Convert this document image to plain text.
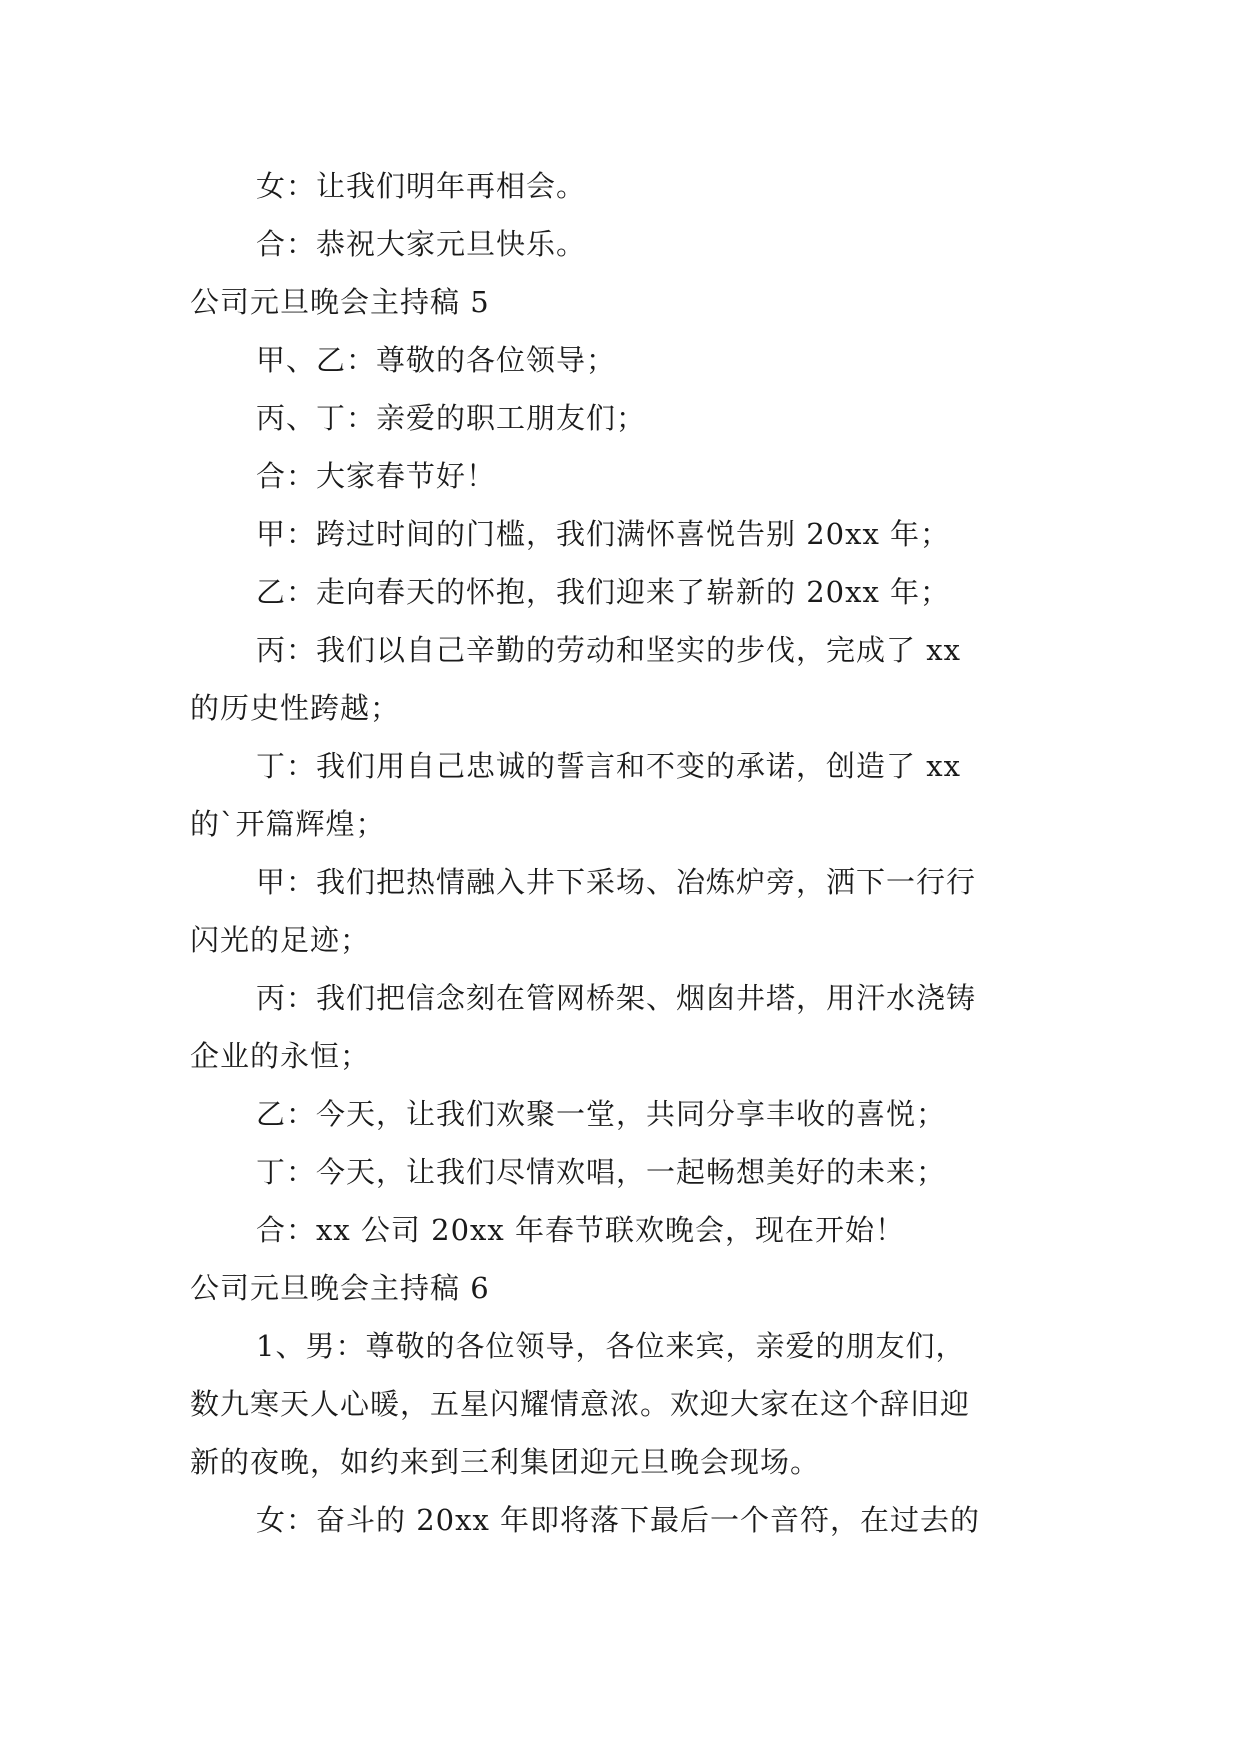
女：让我们明年再相会。
合：恭祝大家元旦快乐。
公司元旦晚会主持稿 5
甲、乙：尊敬的各位领导；
丙、丁：亲爱的职工朋友们；
合：大家春节好！
甲：跨过时间的门槛，我们满怀喜悦告别 20xx 年；
乙：走向春天的怀抱，我们迎来了崭新的 20xx 年；
丙：我们以自己辛勤的劳动和坚实的步伐，完成了 xx
的历史性跨越；
丁：我们用自己忠诚的誓言和不变的承诺，创造了 xx
的`开篇辉煌；
甲：我们把热情融入井下采场、冶炼炉旁，洒下一行行
闪光的足迹；
丙：我们把信念刻在管网桥架、烟囱井塔，用汗水浇铸
企业的永恒；
乙：今天，让我们欢聚一堂，共同分享丰收的喜悦；
丁：今天，让我们尽情欢唱，一起畅想美好的未来；
合：xx 公司 20xx 年春节联欢晚会，现在开始！
公司元旦晚会主持稿 6
1、男：尊敬的各位领导，各位来宾，亲爱的朋友们，
数九寒天人心暖，五星闪耀情意浓。欢迎大家在这个辞旧迎
新的夜晚，如约来到三利集团迎元旦晚会现场。
女：奋斗的 20xx 年即将落下最后一个音符，在过去的
